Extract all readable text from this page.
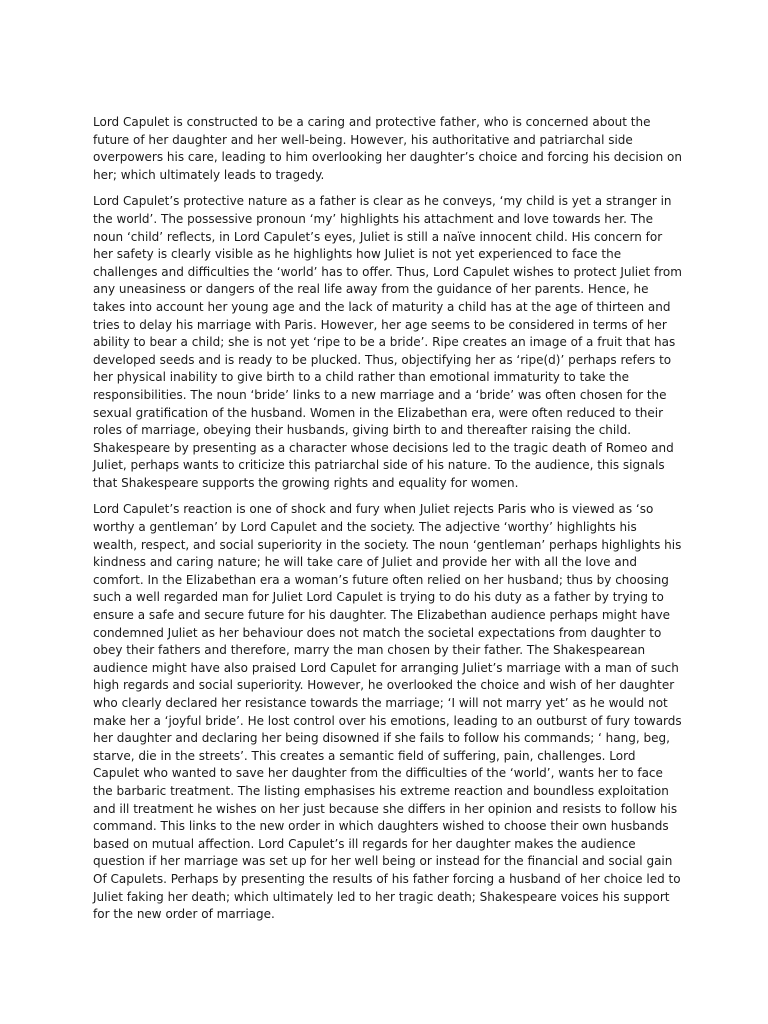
Lord Capulet is constructed to be a caring and protective father, who is concerned about the future of her daughter and her well-being. However, his authoritative and patriarchal side overpowers his care, leading to him overlooking her daughter’s choice and forcing his decision on her; which ultimately leads to tragedy.

Lord Capulet’s protective nature as a father is clear as he conveys, ‘my child is yet a stranger in the world’. The possessive pronoun ‘my’ highlights his attachment and love towards her. The noun ‘child’ reflects, in Lord Capulet’s eyes, Juliet is still a naïve innocent child. His concern for her safety is clearly visible as he highlights how Juliet is not yet experienced to face the challenges and difficulties the ‘world’ has to offer. Thus, Lord Capulet wishes to protect Juliet from any uneasiness or dangers of the real life away from the guidance of her parents. Hence, he takes into account her young age and the lack of maturity a child has at the age of thirteen and tries to delay his marriage with Paris. However, her age seems to be considered in terms of her ability to bear a child; she is not yet ‘ripe to be a bride’. Ripe creates an image of a fruit that has developed seeds and is ready to be plucked. Thus, objectifying her as ‘ripe(d)’ perhaps refers to her physical inability to give birth to a child rather than emotional immaturity to take the responsibilities. The noun ‘bride’ links to a new marriage and a ‘bride’ was often chosen for the sexual gratification of the husband. Women in the Elizabethan era, were often reduced to their roles of marriage, obeying their husbands, giving birth to and thereafter raising the child. Shakespeare by presenting as a character whose decisions led to the tragic death of Romeo and Juliet, perhaps wants to criticize this patriarchal side of his nature. To the audience, this signals that Shakespeare supports the growing rights and equality for women.

Lord Capulet’s reaction is one of shock and fury when Juliet rejects Paris who is viewed as ‘so worthy a gentleman’ by Lord Capulet and the society. The adjective ‘worthy’ highlights his wealth, respect, and social superiority in the society. The noun ‘gentleman’ perhaps highlights his kindness and caring nature; he will take care of Juliet and provide her with all the love and comfort. In the Elizabethan era a woman’s future often relied on her husband; thus by choosing such a well regarded man for Juliet Lord Capulet is trying to do his duty as a father by trying to ensure a safe and secure future for his daughter. The Elizabethan audience perhaps might have condemned Juliet as her behaviour does not match the societal expectations from daughter to obey their fathers and therefore, marry the man chosen by their father. The Shakespearean audience might have also praised Lord Capulet for arranging Juliet’s marriage with a man of such high regards and social superiority. However, he overlooked the choice and wish of her daughter who clearly declared her resistance towards the marriage; ‘I will not marry yet’ as he would not make her a ‘joyful bride’. He lost control over his emotions, leading to an outburst of fury towards her daughter and declaring her being disowned if she fails to follow his commands; ‘ hang, beg, starve, die in the streets’. This creates a semantic field of suffering, pain, challenges. Lord Capulet who wanted to save her daughter from the difficulties of the ‘world’, wants her to face the barbaric treatment. The listing emphasises his extreme reaction and boundless exploitation and ill treatment he wishes on her just because she differs in her opinion and resists to follow his command. This links to the new order in which daughters wished to choose their own husbands based on mutual affection. Lord Capulet’s ill regards for her daughter makes the audience question if her marriage was set up for her well being or instead for the financial and social gain Of Capulets. Perhaps by presenting the results of his father forcing a husband of her choice led to Juliet faking her death; which ultimately led to her tragic death; Shakespeare voices his support for the new order of marriage.
